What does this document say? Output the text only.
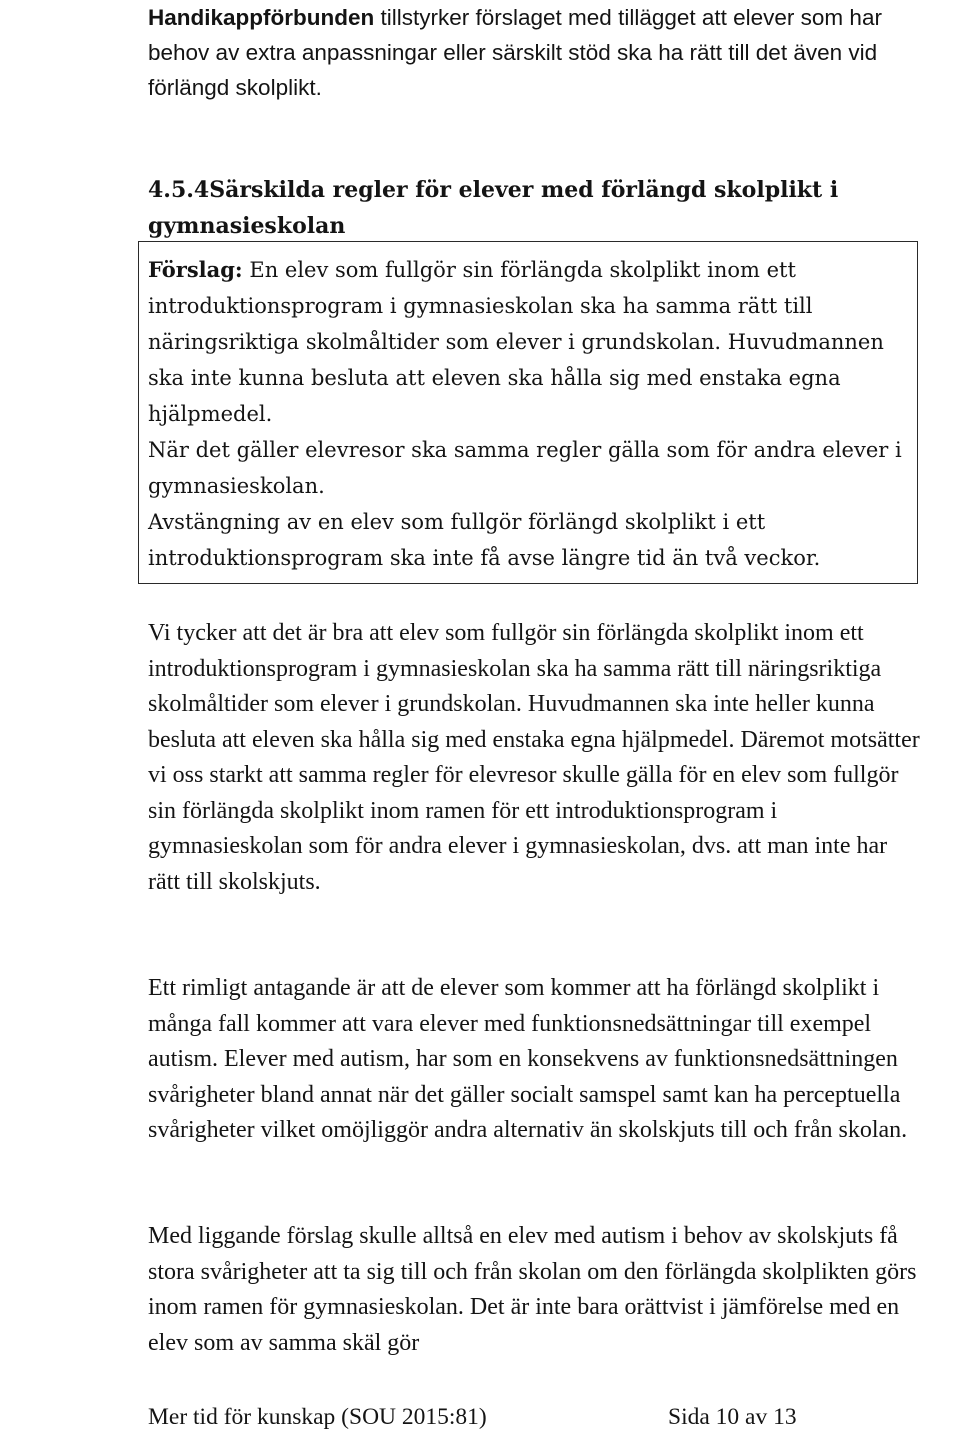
Handikappförbunden tillstyrker förslaget med tillägget att elever som har behov av extra anpassningar eller särskilt stöd ska ha rätt till det även vid förlängd skolplikt.

4.5.4Särskilda regler för elever med förlängd skolplikt i gymnasieskolan

Förslag: En elev som fullgör sin förlängda skolplikt inom ett introduktionsprogram i gymnasieskolan ska ha samma rätt till näringsriktiga skolmåltider som elever i grundskolan. Huvudmannen ska inte kunna besluta att eleven ska hålla sig med enstaka egna hjälpmedel.

När det gäller elevresor ska samma regler gälla som för andra elever i gymnasieskolan.

Avstängning av en elev som fullgör förlängd skolplikt i ett introduktionsprogram ska inte få avse längre tid än två veckor.

Vi tycker att det är bra att elev som fullgör sin förlängda skolplikt inom ett introduktionsprogram i gymnasieskolan ska ha samma rätt till näringsriktiga skolmåltider som elever i grundskolan. Huvudmannen ska inte heller kunna besluta att eleven ska hålla sig med enstaka egna hjälpmedel. Däremot motsätter vi oss starkt att samma regler för elevresor skulle gälla för en elev som fullgör sin förlängda skolplikt inom ramen för ett introduktionsprogram i gymnasieskolan som för andra elever i gymnasieskolan, dvs. att man inte har rätt till skolskjuts.

Ett rimligt antagande är att de elever som kommer att ha förlängd skolplikt i många fall kommer att vara elever med funktionsnedsättningar till exempel autism. Elever med autism, har som en konsekvens av funktionsnedsättningen svårigheter bland annat när det gäller socialt samspel samt kan ha perceptuella svårigheter vilket omöjliggör andra alternativ än skolskjuts till och från skolan.

Med liggande förslag skulle alltså en elev med autism i behov av skolskjuts få stora svårigheter att ta sig till och från skolan om den förlängda skolplikten görs inom ramen för gymnasieskolan. Det är inte bara orättvist i jämförelse med en elev som av samma skäl gör

Mer tid för kunskap (SOU 2015:81)	Sida 10 av 13
